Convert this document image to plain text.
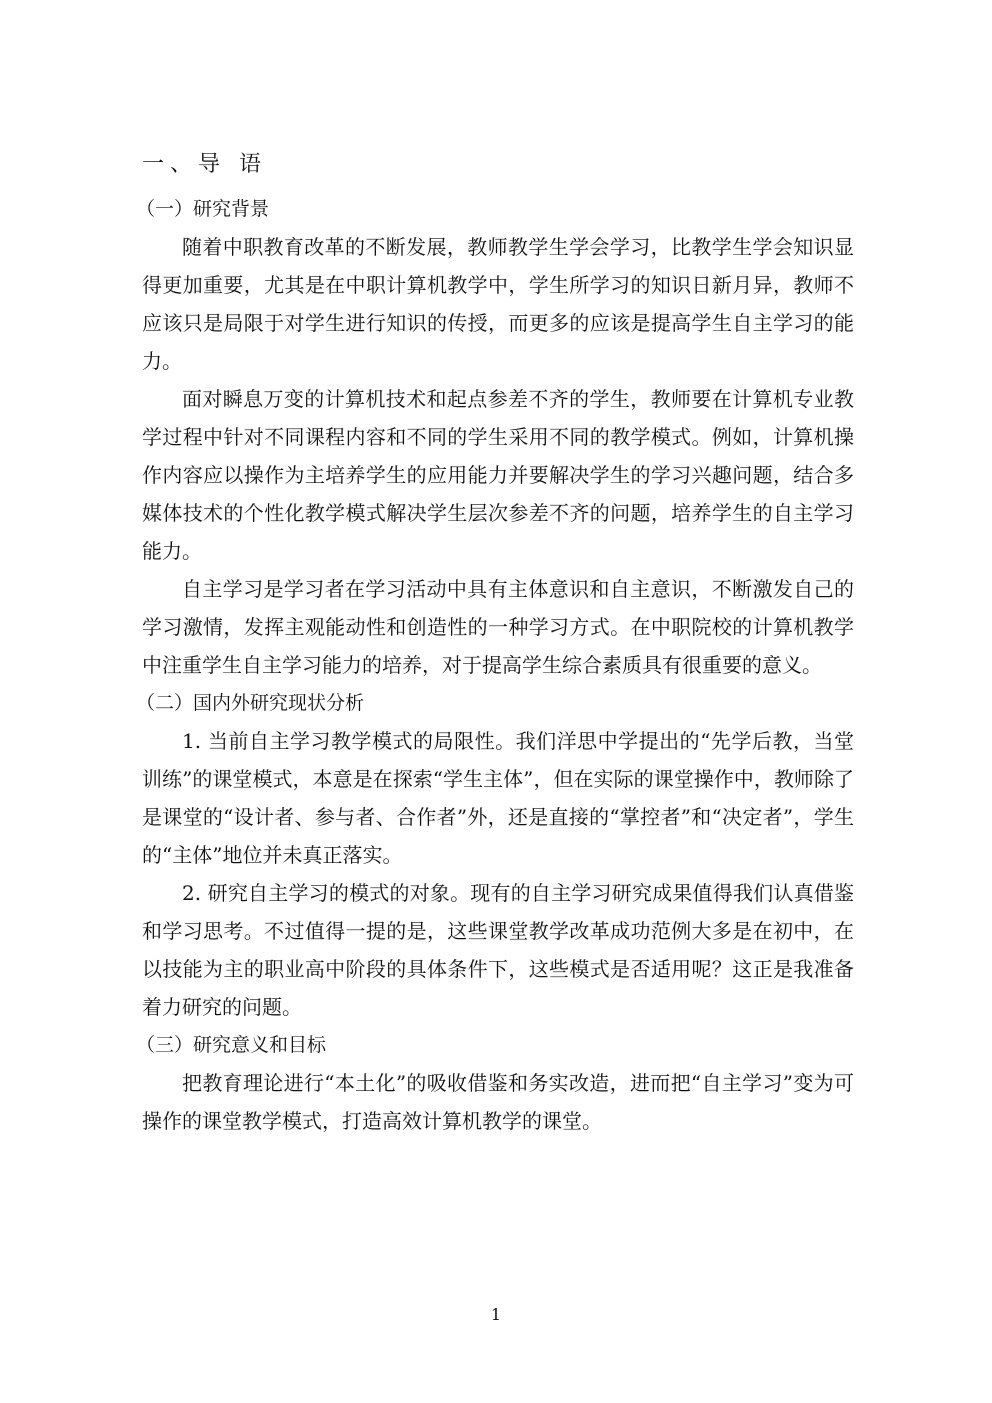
一、导 语
（一）研究背景

随着中职教育改革的不断发展，教师教学生学会学习，比教学生学会知识显得更加重要，尤其是在中职计算机教学中，学生所学习的知识日新月异，教师不应该只是局限于对学生进行知识的传授，而更多的应该是提高学生自主学习的能力。

面对瞬息万变的计算机技术和起点参差不齐的学生，教师要在计算机专业教学过程中针对不同课程内容和不同的学生采用不同的教学模式。例如，计算机操作内容应以操作为主培养学生的应用能力并要解决学生的学习兴趣问题，结合多媒体技术的个性化教学模式解决学生层次参差不齐的问题，培养学生的自主学习能力。

自主学习是学习者在学习活动中具有主体意识和自主意识，不断激发自己的学习激情，发挥主观能动性和创造性的一种学习方式。在中职院校的计算机教学中注重学生自主学习能力的培养，对于提高学生综合素质具有很重要的意义。

（二）国内外研究现状分析

1. 当前自主学习教学模式的局限性。我们洋思中学提出的“先学后教，当堂训练”的课堂模式，本意是在探索“学生主体”，但在实际的课堂操作中，教师除了是课堂的“设计者、参与者、合作者”外，还是直接的“掌控者”和“决定者”，学生的“主体”地位并未真正落实。

2. 研究自主学习的模式的对象。现有的自主学习研究成果值得我们认真借鉴和学习思考。不过值得一提的是，这些课堂教学改革成功范例大多是在初中，在以技能为主的职业高中阶段的具体条件下，这些模式是否适用呢？这正是我准备着力研究的问题。

（三）研究意义和目标

把教育理论进行“本土化”的吸收借鉴和务实改造，进而把“自主学习”变为可操作的课堂教学模式，打造高效计算机教学的课堂。

1
